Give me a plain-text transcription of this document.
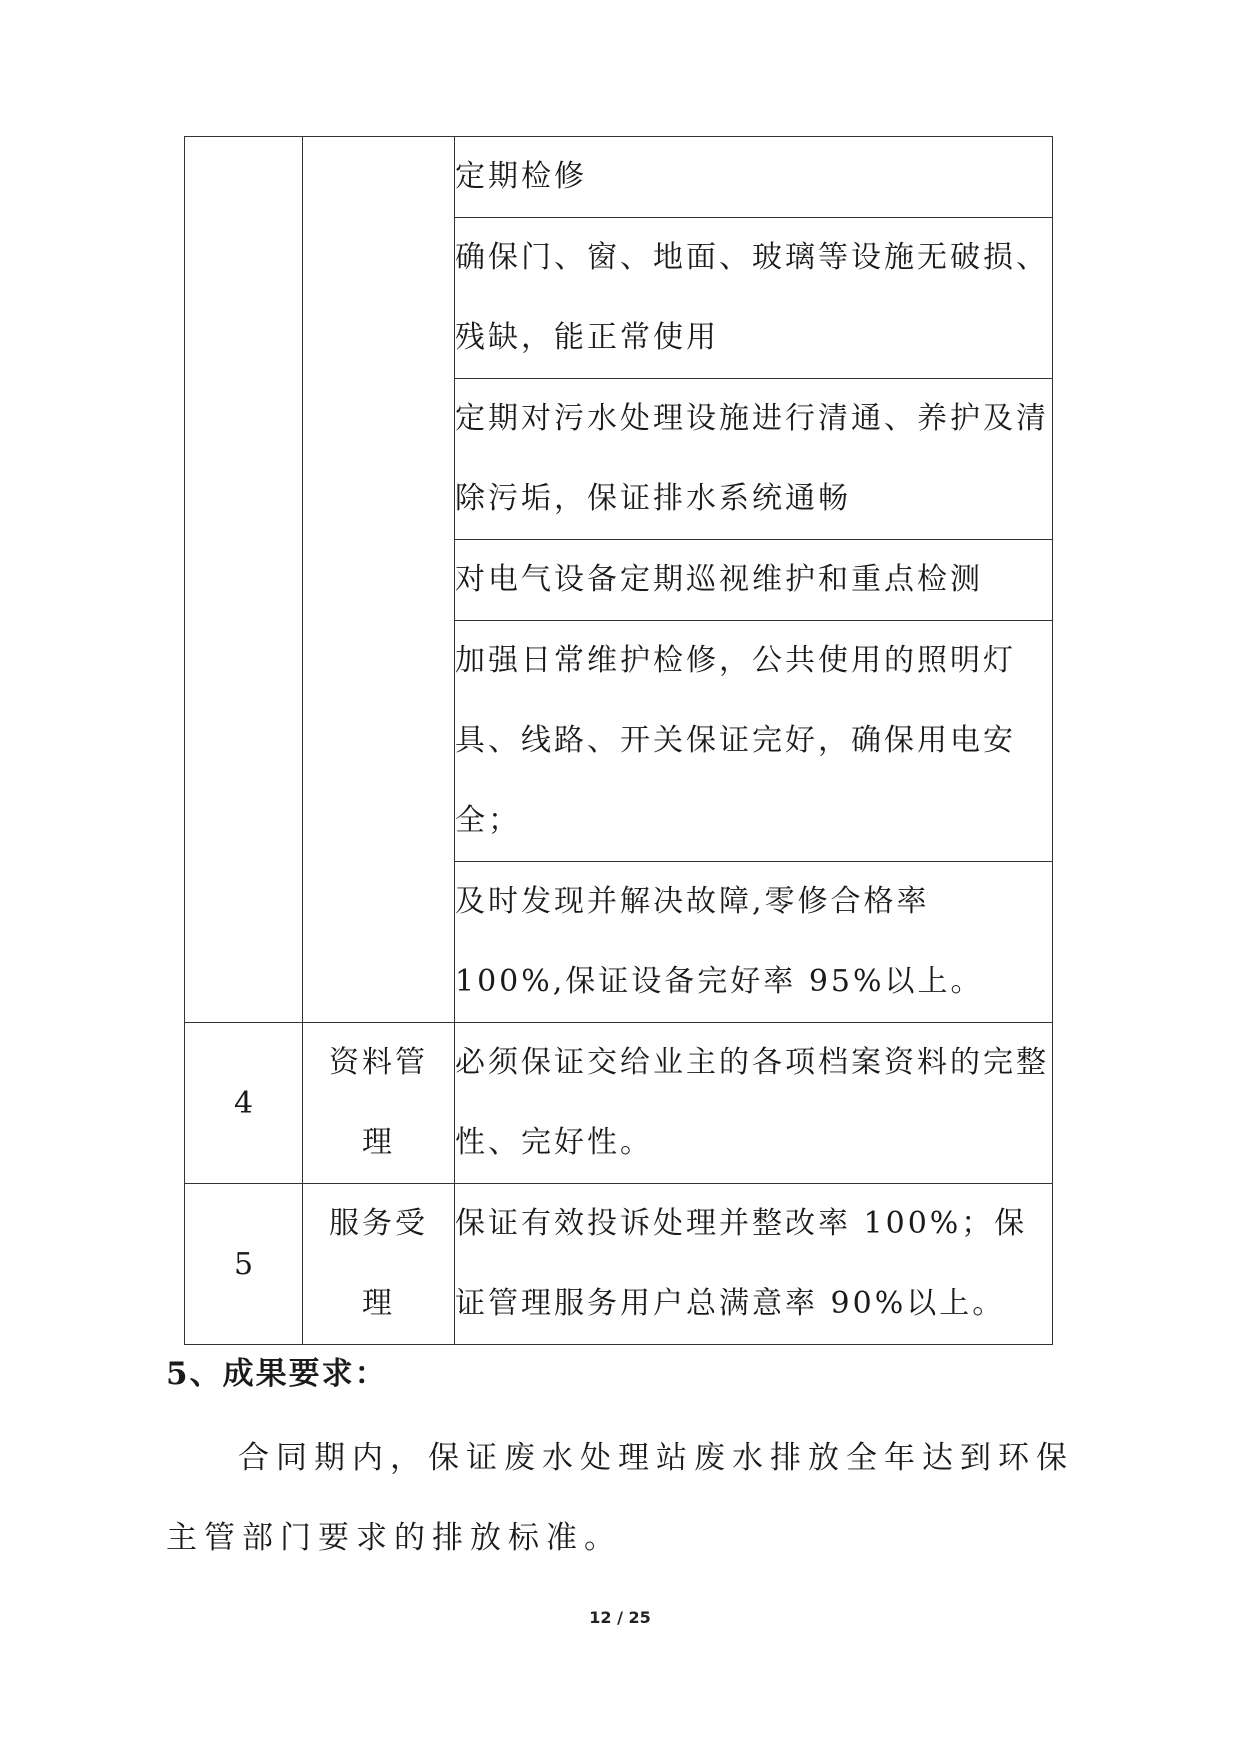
		定期检修
		确保门、窗、地面、玻璃等设施无破损、残缺，能正常使用
		定期对污水处理设施进行清通、养护及清除污垢，保证排水系统通畅
		对电气设备定期巡视维护和重点检测
		加强日常维护检修，公共使用的照明灯具、线路、开关保证完好，确保用电安全；
		及时发现并解决故障,零修合格率 100%,保证设备完好率 95%以上。
4	资料管理	必须保证交给业主的各项档案资料的完整性、完好性。
5	服务受理	保证有效投诉处理并整改率 100%；保证管理服务用户总满意率 90%以上。
5、成果要求：
合同期内，保证废水处理站废水排放全年达到环保主管部门要求的排放标准。
12 / 25
